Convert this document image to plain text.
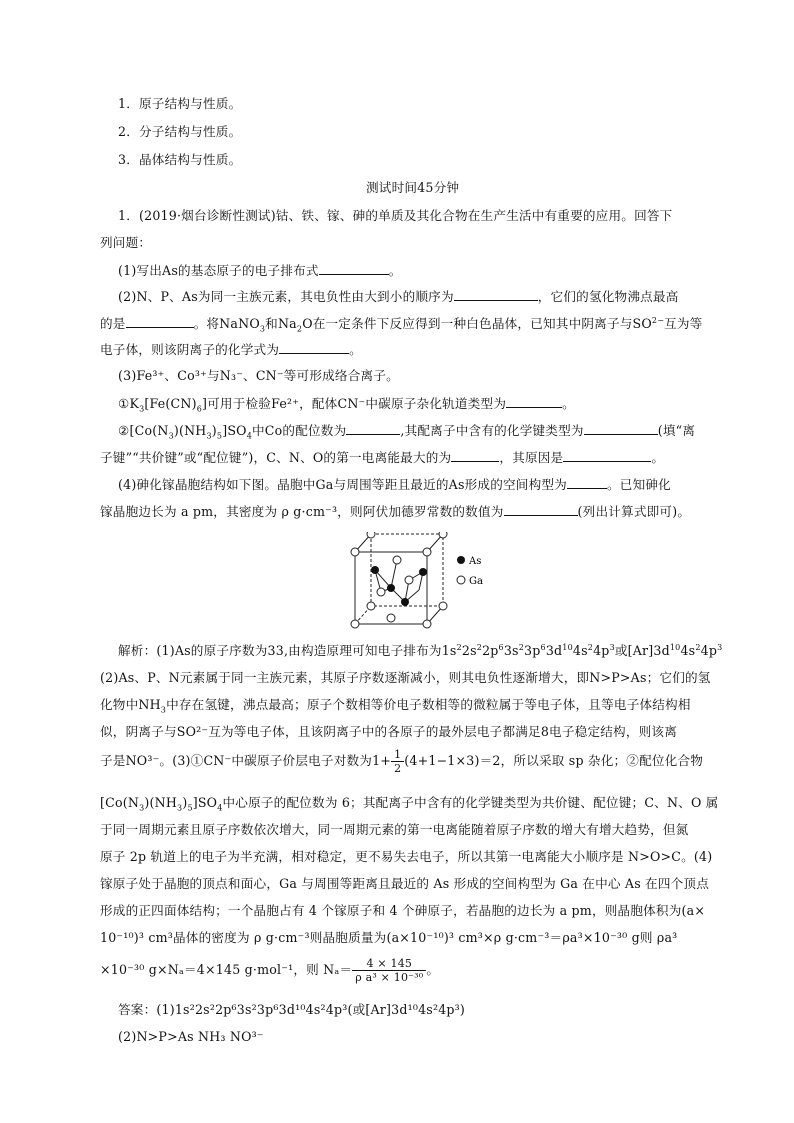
1．原子结构与性质。
2．分子结构与性质。
3．晶体结构与性质。
测试时间45分钟
1．(2019·烟台诊断性测试)钴、铁、镓、砷的单质及其化合物在生产生活中有重要的应用。回答下
列问题：
(1)写出As的基态原子的电子排布式	。
(2)N、P、As为同一主族元素，其电负性由大到小的顺序为	，它们的氢化物沸点最高
的是	。将NaNO$_3$和$Na_2O$在一定条件下反应得到一种白色晶体，已知其中阴离子与$SO^{2-}$互为等
电子体，则该阴离子的化学式为	。
(3)Fe³⁺、Co³⁺与N₃⁻、CN⁻等可形成络合离子。
$①K_3[Fe(CN)_6]$可用于检验Fe²⁺，配体CN⁻中碳原子杂化轨道类型为	。
$②[Co(N_3)(NH_3)_5]SO_4$中Co的配位数为	,其配离子中含有的化学键类型为	(填“离
子键”“共价键”或“配位键”)，C、N、O的第一电离能最大的为	，其原因是	。
(4)砷化镓晶胞结构如下图。晶胞中Ga与周围等距且最近的As形成的空间构型为	。已知砷化
镓晶胞边长为 a pm，其密度为 ρ g·cm⁻³，则阿伏加德罗常数的数值为	(列出计算式即可)。
As
Ga
解析：(1)As的原子序数为33,由构造原理可知电子排布为$1s^22s^22p^63s^23p^63d^{10}4s^24p^3$或$[Ar]3d^{10}4s^24p^3$
(2)As、P、N元素属于同一主族元素，其原子序数逐渐减小，则其电负性逐渐增大，即N>P>As；它们的氢
化物中$NH_3$中存在氢键，沸点最高；原子个数相等价电子数相等的微粒属于等电子体，且等电子体结构相
似，阴离子与SO²⁻互为等电子体，且该阴离子中的各原子的最外层电子都满足8电子稳定结构，则该离
子是NO³⁻。(3)①CN⁻中碳原子价层电子对数为$1+ \frac{1}{2} (4+1-1\times 3)=2$，所以采取 sp 杂化；②配位化合物
$[Co(N_3)(NH_3)_5]SO_4$中心原子的配位数为 6；其配离子中含有的化学键类型为共价键、配位键；C、N、O 属
于同一周期元素且原子序数依次增大，同一周期元素的第一电离能随着原子序数的增大有增大趋势，但氮
原子 2p 轨道上的电子为半充满，相对稳定，更不易失去电子，所以其第一电离能大小顺序是 N>O>C。(4)
镓原子处于晶胞的顶点和面心，Ga 与周围等距离且最近的 As 形成的空间构型为 Ga 在中心 As 在四个顶点
形成的正四面体结构；一个晶胞占有 4 个镓原子和 4 个砷原子，若晶胞的边长为 a pm，则晶胞体积为(a×
10⁻¹⁰)³ cm³晶体的密度为 ρ g·cm⁻³则晶胞质量为(a×10⁻¹⁰)³ cm³×ρ g·cm⁻³＝ρa³×10⁻³⁰ g则 ρa³
×10⁻³⁰ g×Nₐ＝4×145 g·mol⁻¹，则 $N_a= \frac{4 \times 145}{\text{ρ a³ × 10⁻³⁰}}$ 。
答案：(1)1s²2s²2p⁶3s²3p⁶3d¹⁰4s²4p³(或[Ar]3d¹⁰4s²4p³)
(2)N>P>As NH₃ NO³⁻
